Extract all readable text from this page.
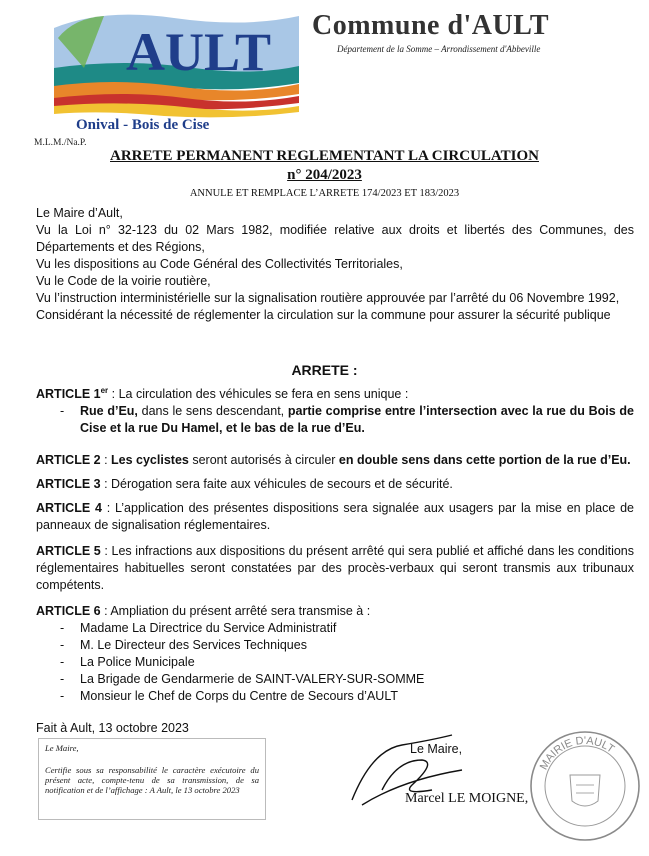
AULT
Onival - Bois de Cise
Commune d'AULT
Département de la Somme – Arrondissement d'Abbeville
M.L.M./Na.P.
ARRETE PERMANENT REGLEMENTANT LA CIRCULATION
n° 204/2023
ANNULE ET REMPLACE L’ARRETE 174/2023 ET 183/2023

Le Maire d’Ault,

Vu la Loi n° 32-123 du 02 Mars 1982, modifiée relative aux droits et libertés des Communes, des Départements et des Régions,

Vu les dispositions au Code Général des Collectivités Territoriales,

Vu le Code de la voirie routière,

Vu l’instruction interministérielle sur la signalisation routière approuvée par l’arrêté du 06 Novembre 1992,

Considérant la nécessité de réglementer la circulation sur la commune pour assurer la sécurité publique

ARRETE :

ARTICLE 1er : La circulation des véhicules se fera en sens unique :

- Rue d’Eu, dans le sens descendant, partie comprise entre l’intersection avec la rue du Bois de Cise et la rue Du Hamel, et le bas de la rue d’Eu.

ARTICLE 2 : Les cyclistes seront autorisés à circuler en double sens dans cette portion de la rue d’Eu.

ARTICLE 3 : Dérogation sera faite aux véhicules de secours et de sécurité.

ARTICLE 4 : L’application des présentes dispositions sera signalée aux usagers par la mise en place de panneaux de signalisation réglementaires.

ARTICLE 5 : Les infractions aux dispositions du présent arrêté qui sera publié et affiché dans les conditions réglementaires habituelles seront constatées par des procès-verbaux qui seront transmis aux tribunaux compétents.

ARTICLE 6 : Ampliation du présent arrêté sera transmise à :

- Madame La Directrice du Service Administratif
- M. Le Directeur des Services Techniques
- La Police Municipale
- La Brigade de Gendarmerie de SAINT-VALERY-SUR-SOMME
- Monsieur le Chef de Corps du Centre de Secours d’AULT
Fait à Ault, 13 octobre 2023
Le Maire,
Certifie sous sa responsabilité le caractère exécutoire du présent acte, compte-tenu de sa transmission, de sa notification et de l’affichage : A Ault, le 13 octobre 2023
Le Maire,
Marcel LE MOIGNE,
MAIRIE D'AULT
